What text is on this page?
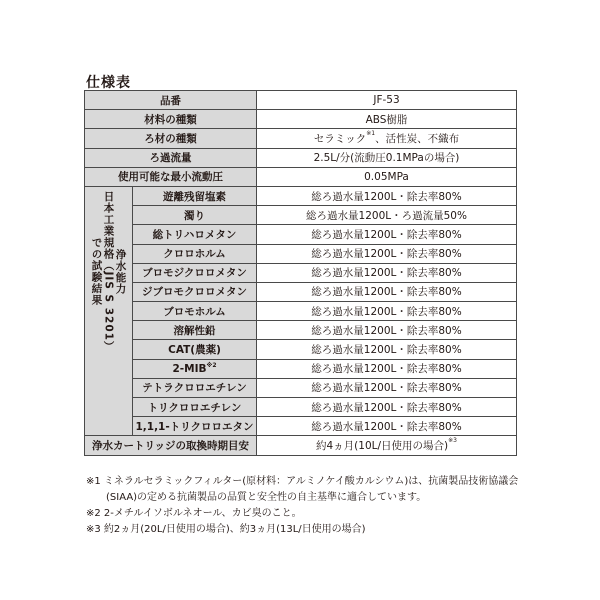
仕様表
品番		JF-53
材料の種類		ABS樹脂
ろ材の種類		セラミック$^{※1}$、活性炭、不織布
ろ過流量		2.5L/分(流動圧0.1MPaの場合)
使用可能な最小流動圧		0.05MPa

浄水能力
日本工業規格（JIS S 3201）
での試験結果	遊離残留塩素	総ろ過水量1200L・除去率80%
	濁り	総ろ過水量1200L・ろ過流量50%
	総トリハロメタン	総ろ過水量1200L・除去率80%
	クロロホルム	総ろ過水量1200L・除去率80%
	ブロモジクロロメタン	総ろ過水量1200L・除去率80%
	ジブロモクロロメタン	総ろ過水量1200L・除去率80%
	ブロモホルム	総ろ過水量1200L・除去率80%
	溶解性鉛	総ろ過水量1200L・除去率80%
	CAT(農薬)	総ろ過水量1200L・除去率80%
	2-MIB$^{※2}$	総ろ過水量1200L・除去率80%
	テトラクロロエチレン	総ろ過水量1200L・除去率80%
	トリクロロエチレン	総ろ過水量1200L・除去率80%
	1,1,1-トリクロロエタン	総ろ過水量1200L・除去率80%
浄水カートリッジの取換時期目安		約4ヵ月(10L/日使用の場合)$^{※3}$

※1 ミネラルセラミックフィルター(原材料：アルミノケイ酸カルシウム)は、抗菌製品技術協議会

(SIAA)の定める抗菌製品の品質と安全性の自主基準に適合しています。

※2 2-メチルイソボルネオール、カビ臭のこと。

※3 約2ヵ月(20L/日使用の場合)、約3ヵ月(13L/日使用の場合)
